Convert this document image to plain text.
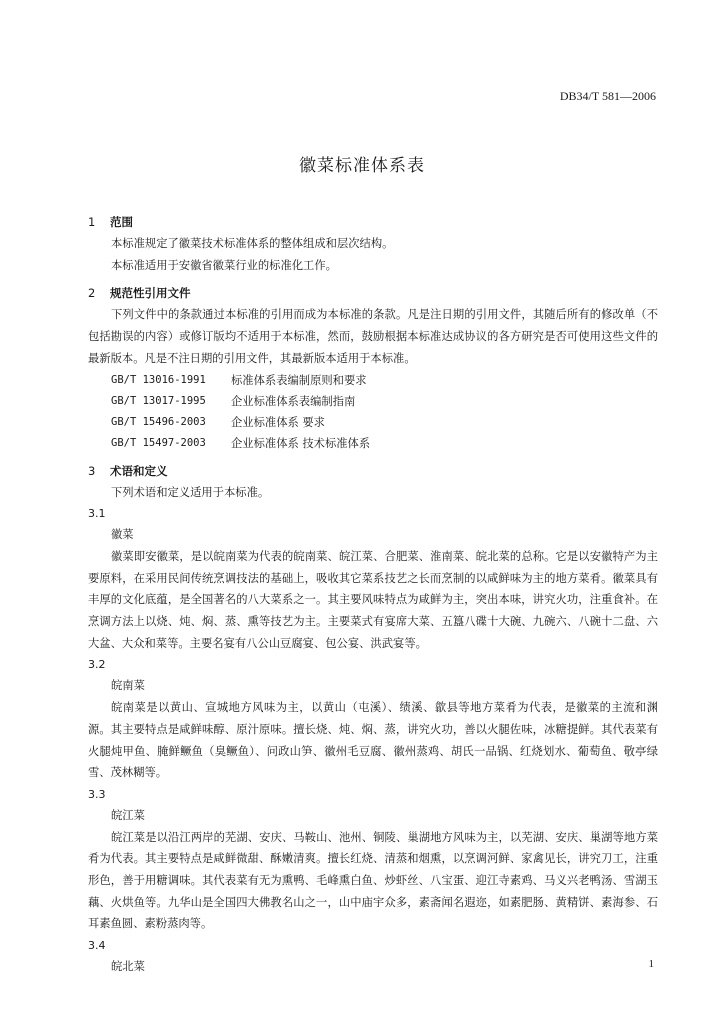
DB34/T 581—2006
徽菜标准体系表
1 范围

本标准规定了徽菜技术标准体系的整体组成和层次结构。

本标准适用于安徽省徽菜行业的标准化工作。

2 规范性引用文件

下列文件中的条款通过本标准的引用而成为本标准的条款。凡是注日期的引用文件，其随后所有的修改单（不包括勘误的内容）或修订版均不适用于本标准，然而，鼓励根据本标准达成协议的各方研究是否可使用这些文件的最新版本。凡是不注日期的引用文件，其最新版本适用于本标准。

GB/T 13016-1991	标准体系表编制原则和要求
GB/T 13017-1995	企业标准体系表编制指南
GB/T 15496-2003	企业标准体系 要求
GB/T 15497-2003	企业标准体系 技术标准体系
3 术语和定义

下列术语和定义适用于本标准。

3.1

徽菜

徽菜即安徽菜，是以皖南菜为代表的皖南菜、皖江菜、合肥菜、淮南菜、皖北菜的总称。它是以安徽特产为主要原料，在采用民间传统烹调技法的基础上，吸收其它菜系技艺之长而烹制的以咸鲜味为主的地方菜肴。徽菜具有丰厚的文化底蕴，是全国著名的八大菜系之一。其主要风味特点为咸鲜为主，突出本味，讲究火功，注重食补。在烹调方法上以烧、炖、焖、蒸、熏等技艺为主。主要菜式有宴席大菜、五簋八碟十大碗、九碗六、八碗十二盘、六大盆、大众和菜等。主要名宴有八公山豆腐宴、包公宴、洪武宴等。

3.2

皖南菜

皖南菜是以黄山、宣城地方风味为主，以黄山（屯溪）、绩溪、歙县等地方菜肴为代表，是徽菜的主流和渊源。其主要特点是咸鲜味醇、原汁原味。擅长烧、炖、焖、蒸，讲究火功，善以火腿佐味，冰糖提鲜。其代表菜有火腿炖甲鱼、腌鲜鳜鱼（臭鳜鱼）、问政山笋、徽州毛豆腐、徽州蒸鸡、胡氏一品锅、红烧划水、葡萄鱼、敬亭绿雪、茂林糊等。

3.3

皖江菜

皖江菜是以沿江两岸的芜湖、安庆、马鞍山、池州、铜陵、巢湖地方风味为主，以芜湖、安庆、巢湖等地方菜肴为代表。其主要特点是咸鲜微甜、酥嫩清爽。擅长红烧、清蒸和烟熏，以烹调河鲜、家禽见长，讲究刀工，注重形色，善于用糖调味。其代表菜有无为熏鸭、毛峰熏白鱼、炒虾丝、八宝蛋、迎江寺素鸡、马义兴老鸭汤、雪湖玉藕、火烘鱼等。九华山是全国四大佛教名山之一，山中庙宇众多，素斋闻名遐迩，如素肥肠、黄精饼、素海参、石耳素鱼圆、素粉蒸肉等。

3.4

皖北菜	1
